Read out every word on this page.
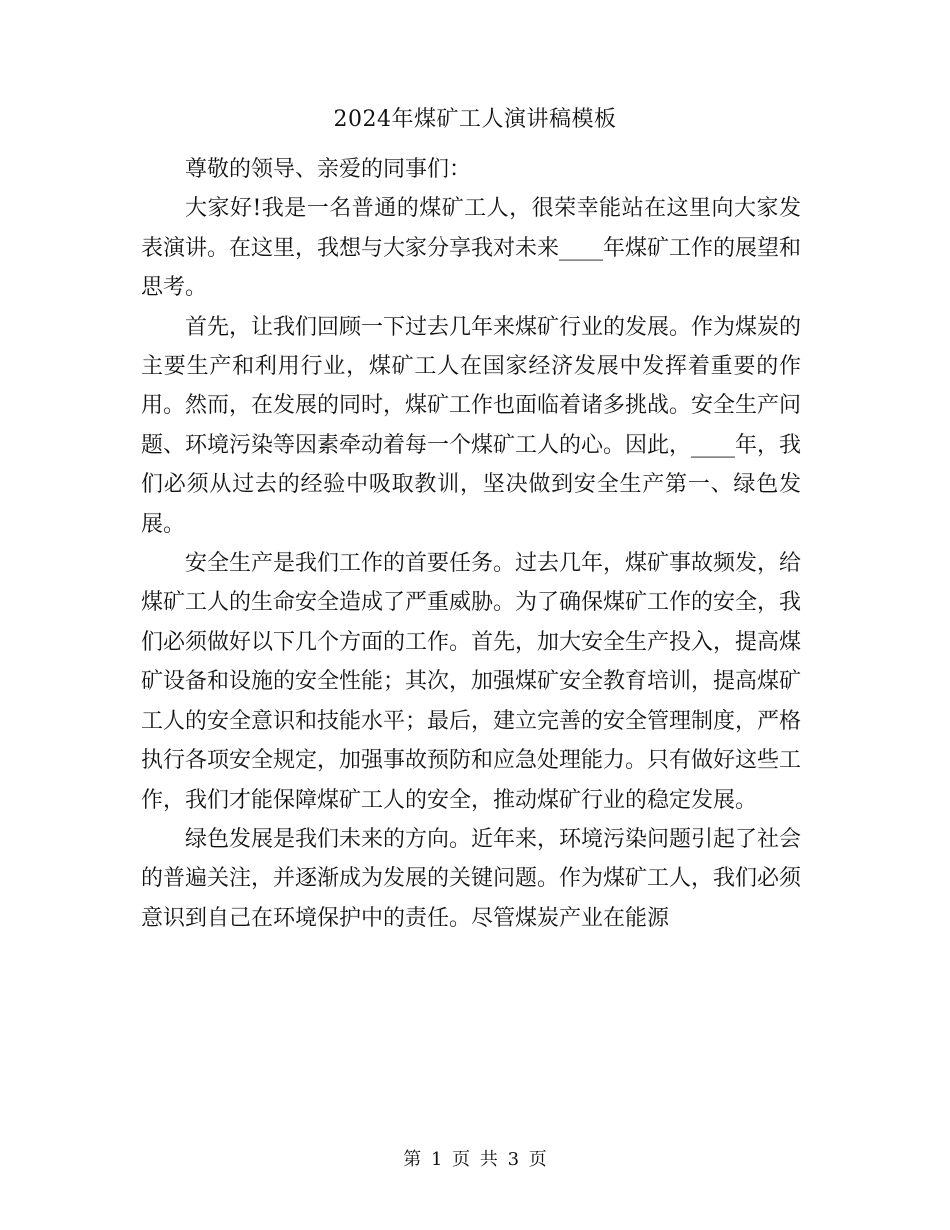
2024年煤矿工人演讲稿模板

尊敬的领导、亲爱的同事们：

大家好!我是一名普通的煤矿工人，很荣幸能站在这里向大家发表演讲。在这里，我想与大家分享我对未来____年煤矿工作的展望和思考。

首先，让我们回顾一下过去几年来煤矿行业的发展。作为煤炭的主要生产和利用行业，煤矿工人在国家经济发展中发挥着重要的作用。然而，在发展的同时，煤矿工作也面临着诸多挑战。安全生产问题、环境污染等因素牵动着每一个煤矿工人的心。因此，____年，我们必须从过去的经验中吸取教训，坚决做到安全生产第一、绿色发展。

安全生产是我们工作的首要任务。过去几年，煤矿事故频发，给煤矿工人的生命安全造成了严重威胁。为了确保煤矿工作的安全，我们必须做好以下几个方面的工作。首先，加大安全生产投入，提高煤矿设备和设施的安全性能；其次，加强煤矿安全教育培训，提高煤矿工人的安全意识和技能水平；最后，建立完善的安全管理制度，严格执行各项安全规定，加强事故预防和应急处理能力。只有做好这些工作，我们才能保障煤矿工人的安全，推动煤矿行业的稳定发展。

绿色发展是我们未来的方向。近年来，环境污染问题引起了社会的普遍关注，并逐渐成为发展的关键问题。作为煤矿工人，我们必须意识到自己在环境保护中的责任。尽管煤炭产业在能源

第 1 页 共 3 页
